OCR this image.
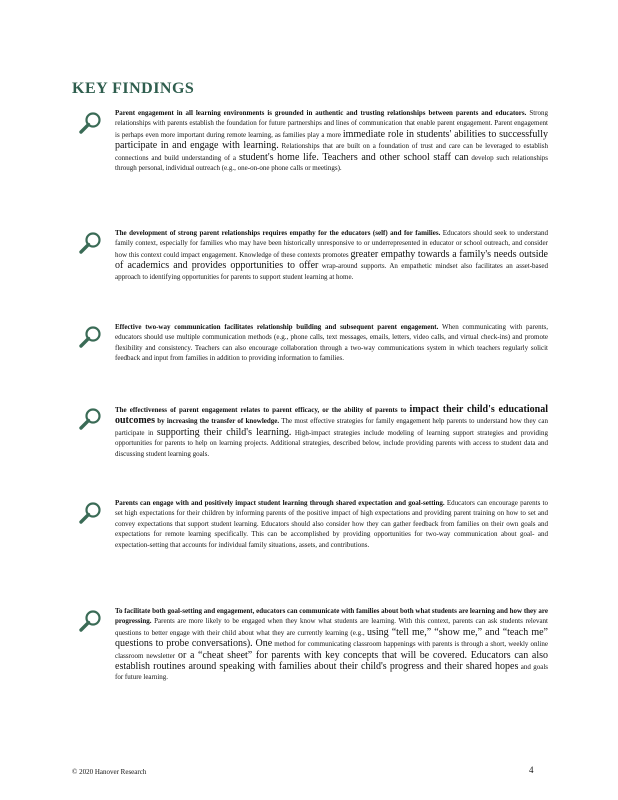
KEY FINDINGS
Parent engagement in all learning environments is grounded in authentic and trusting relationships between parents and educators. Strong relationships with parents establish the foundation for future partnerships and lines of communication that enable parent engagement. Parent engagement is perhaps even more important during remote learning, as families play a more immediate role in students' abilities to successfully participate in and engage with learning. Relationships that are built on a foundation of trust and care can be leveraged to establish connections and build understanding of a student's home life. Teachers and other school staff can develop such relationships through personal, individual outreach (e.g., one-on-one phone calls or meetings).
The development of strong parent relationships requires empathy for the educators (self) and for families. Educators should seek to understand family context, especially for families who may have been historically unresponsive to or underrepresented in educator or school outreach, and consider how this context could impact engagement. Knowledge of these contexts promotes greater empathy towards a family's needs outside of academics and provides opportunities to offer wrap-around supports. An empathetic mindset also facilitates an asset-based approach to identifying opportunities for parents to support student learning at home.
Effective two-way communication facilitates relationship building and subsequent parent engagement. When communicating with parents, educators should use multiple communication methods (e.g., phone calls, text messages, emails, letters, video calls, and virtual check-ins) and promote flexibility and consistency. Teachers can also encourage collaboration through a two-way communications system in which teachers regularly solicit feedback and input from families in addition to providing information to families.
The effectiveness of parent engagement relates to parent efficacy, or the ability of parents to impact their child's educational outcomes by increasing the transfer of knowledge. The most effective strategies for family engagement help parents to understand how they can participate in supporting their child's learning. High-impact strategies include modeling of learning support strategies and providing opportunities for parents to help on learning projects. Additional strategies, described below, include providing parents with access to student data and discussing student learning goals.
Parents can engage with and positively impact student learning through shared expectation and goal-setting. Educators can encourage parents to set high expectations for their children by informing parents of the positive impact of high expectations and providing parent training on how to set and convey expectations that support student learning. Educators should also consider how they can gather feedback from families on their own goals and expectations for remote learning specifically. This can be accomplished by providing opportunities for two-way communication about goal- and expectation-setting that accounts for individual family situations, assets, and contributions.
To facilitate both goal-setting and engagement, educators can communicate with families about both what students are learning and how they are progressing. Parents are more likely to be engaged when they know what students are learning. With this context, parents can ask students relevant questions to better engage with their child about what they are currently learning (e.g., using “tell me,” “show me,” and “teach me” questions to probe conversations). One method for communicating classroom happenings with parents is through a short, weekly online classroom newsletter or a “cheat sheet” for parents with key concepts that will be covered. Educators can also establish routines around speaking with families about their child's progress and their shared hopes and goals for future learning.
© 2020 Hanover Research	4
